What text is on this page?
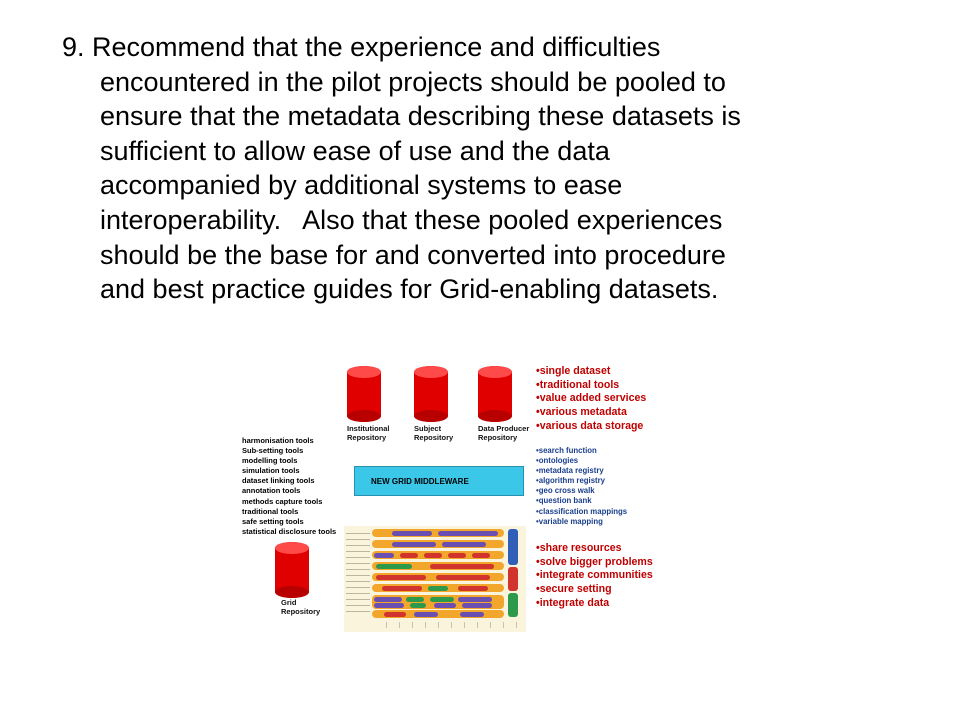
9. Recommend that the experience and difficulties
encountered in the pilot projects should be pooled to
ensure that the metadata describing these datasets is
sufficient to allow ease of use and the data
accompanied by additional systems to ease
interoperability.   Also that these pooled experiences
should be the base for and converted into procedure
and best practice guides for Grid-enabling datasets.
Institutional
Repository
Subject
Repository
Data Producer
Repository
Grid
Repository
harmonisation tools
Sub-setting tools
modelling tools
simulation tools
dataset linking tools
annotation tools
methods capture tools
traditional tools
safe setting tools
statistical disclosure tools
NEW GRID MIDDLEWARE
•single dataset
•traditional tools
•value added services
•various metadata
•various data storage
•search function
•ontologies
•metadata registry
•algorithm registry
•geo cross walk
•question bank
•classification mappings
•variable mapping
•share resources
•solve bigger problems
•integrate communities
•secure setting
•integrate data
